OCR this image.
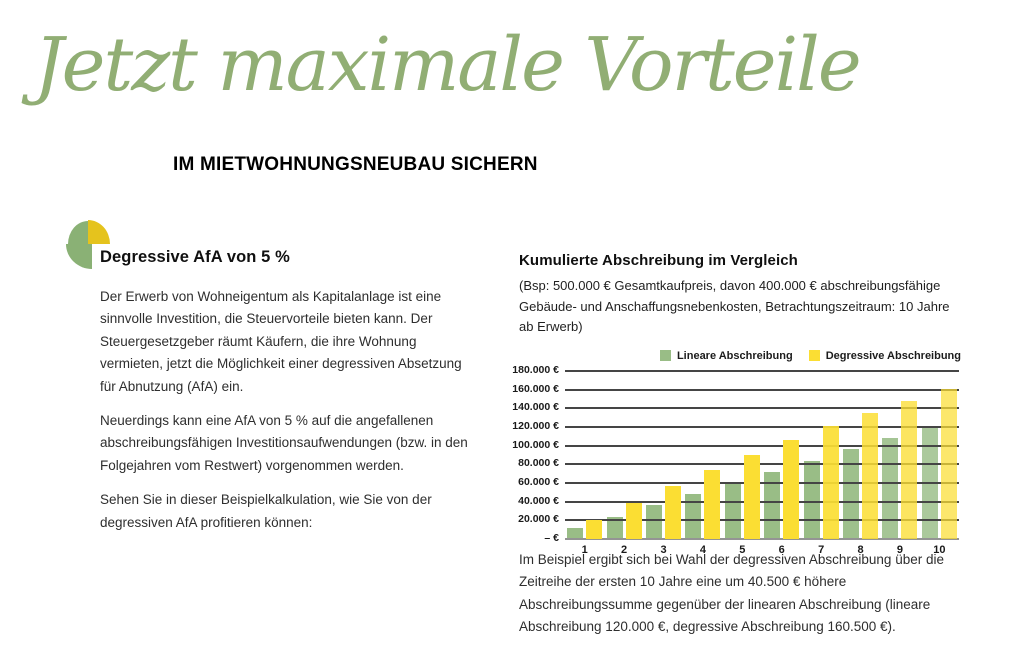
Jetzt maximale Vorteile
IM MIETWOHNUNGSNEUBAU SICHERN
Degressive AfA von 5 %

Der Erwerb von Wohneigentum als Kapitalanlage ist eine sinnvolle Investition, die Steuervorteile bieten kann. Der Steuergesetzgeber räumt Käufern, die ihre Wohnung vermieten, jetzt die Möglichkeit einer degressiven Absetzung für Abnutzung (AfA) ein.

Neuerdings kann eine AfA von 5 % auf die angefallenen abschreibungsfähigen Investitionsaufwendungen (bzw. in den Folgejahren vom Restwert) vorgenommen werden.

Sehen Sie in dieser Beispielkalkulation, wie Sie von der degressiven AfA profitieren können:

Kumulierte Abschreibung im Vergleich
(Bsp: 500.000 € Gesamtkaufpreis, davon 400.000 € abschreibungsfähige Gebäude- und Anschaffungsnebenkosten, Betrachtungszeitraum: 10 Jahre ab Erwerb)
Lineare Abschreibung	Degressive Abschreibung
180.000 €
160.000 €
140.000 €
120.000 €
100.000 €
80.000 €
60.000 €
40.000 €
20.000 €
– €
1	2	3	4	5	6	7	8	9	10
Im Beispiel ergibt sich bei Wahl der degressiven Abschreibung über die Zeitreihe der ersten 10 Jahre eine um 40.500 € höhere Abschreibungssumme gegenüber der linearen Abschreibung (lineare Abschreibung 120.000 €, degressive Abschreibung 160.500 €).
